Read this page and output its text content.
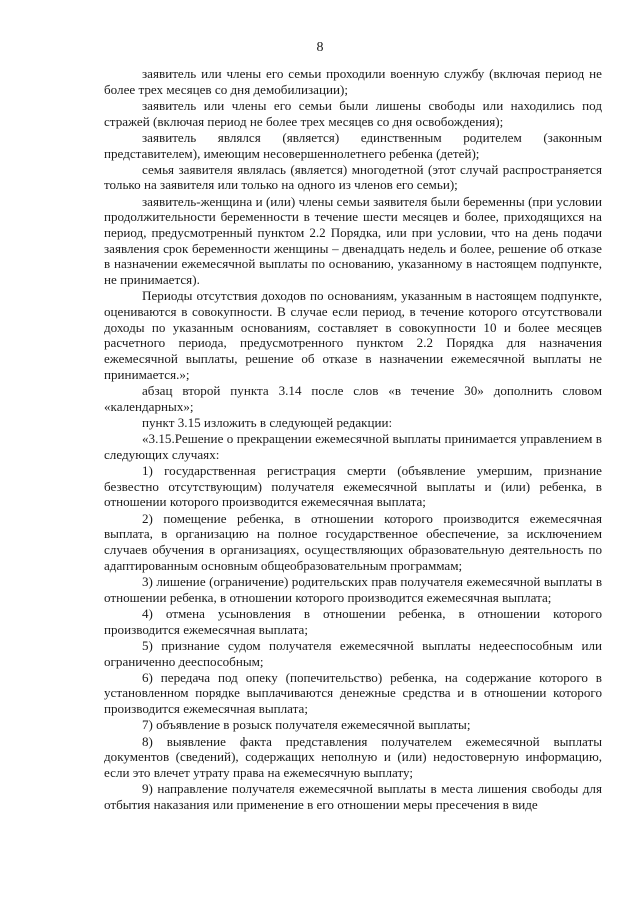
8

заявитель или члены его семьи проходили военную службу (включая период не более трех месяцев со дня демобилизации);

заявитель или члены его семьи были лишены свободы или находились под стражей (включая период не более трех месяцев со дня освобождения);

заявитель являлся (является) единственным родителем (законным представителем), имеющим несовершеннолетнего ребенка (детей);

семья заявителя являлась (является) многодетной (этот случай распространяется только на заявителя или только на одного из членов его семьи);

заявитель-женщина и (или) члены семьи заявителя были беременны (при условии продолжительности беременности в течение шести месяцев и более, приходящихся на период, предусмотренный пунктом 2.2 Порядка, или при условии, что на день подачи заявления срок беременности женщины – двенадцать недель и более, решение об отказе в назначении ежемесячной выплаты по основанию, указанному в настоящем подпункте, не принимается).

Периоды отсутствия доходов по основаниям, указанным в настоящем подпункте, оцениваются в совокупности. В случае если период, в течение которого отсутствовали доходы по указанным основаниям, составляет в совокупности 10 и более месяцев расчетного периода, предусмотренного пунктом 2.2 Порядка для назначения ежемесячной выплаты, решение об отказе в назначении ежемесячной выплаты не принимается.»;

абзац второй пункта 3.14 после слов «в течение 30» дополнить словом «календарных»;

пункт 3.15 изложить в следующей редакции:

«3.15.Решение о прекращении ежемесячной выплаты принимается управлением в следующих случаях:

1) государственная регистрация смерти (объявление умершим, признание безвестно отсутствующим) получателя ежемесячной выплаты и (или) ребенка, в отношении которого производится ежемесячная выплата;

2) помещение ребенка, в отношении которого производится ежемесячная выплата, в организацию на полное государственное обеспечение, за исключением случаев обучения в организациях, осуществляющих образовательную деятельность по адаптированным основным общеобразовательным программам;

3) лишение (ограничение) родительских прав получателя ежемесячной выплаты в отношении ребенка, в отношении которого производится ежемесячная выплата;

4) отмена усыновления в отношении ребенка, в отношении которого производится ежемесячная выплата;

5) признание судом получателя ежемесячной выплаты недееспособным или ограниченно дееспособным;

6) передача под опеку (попечительство) ребенка, на содержание которого в установленном порядке выплачиваются денежные средства и в отношении которого производится ежемесячная выплата;

7) объявление в розыск получателя ежемесячной выплаты;

8) выявление факта представления получателем ежемесячной выплаты документов (сведений), содержащих неполную и (или) недостоверную информацию, если это влечет утрату права на ежемесячную выплату;

9) направление получателя ежемесячной выплаты в места лишения свободы для отбытия наказания или применение в его отношении меры пресечения в виде
